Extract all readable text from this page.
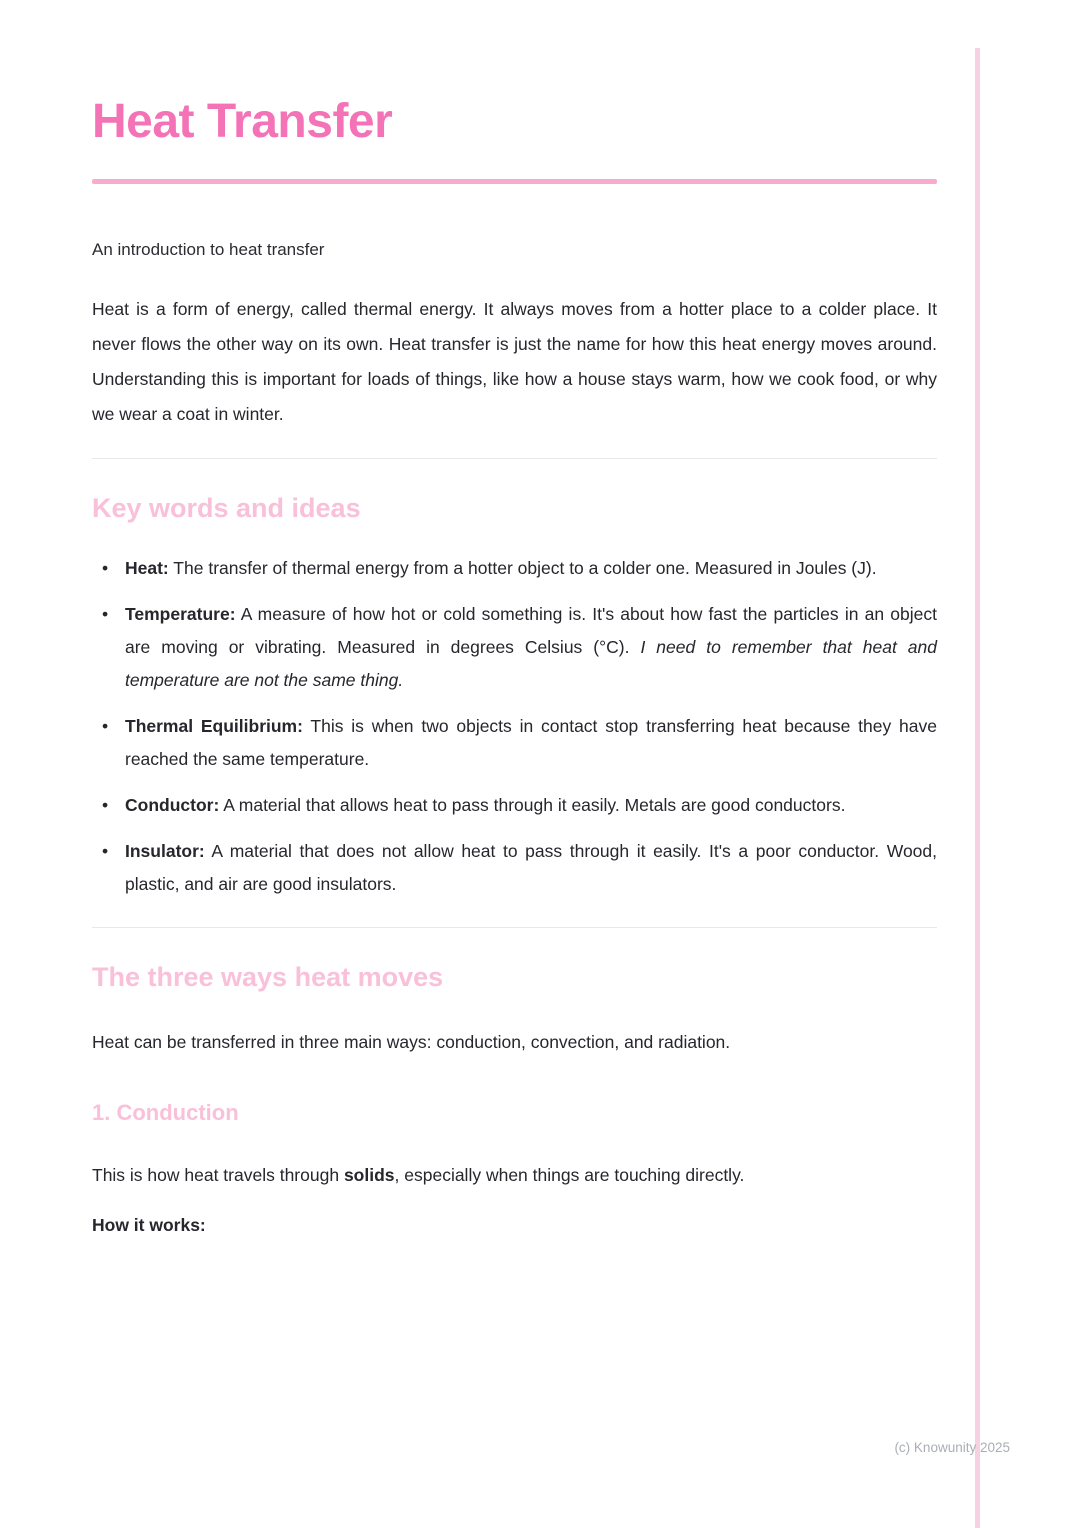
Heat Transfer

An introduction to heat transfer

Heat is a form of energy, called thermal energy. It always moves from a hotter place to a colder place. It never flows the other way on its own. Heat transfer is just the name for how this heat energy moves around. Understanding this is important for loads of things, like how a house stays warm, how we cook food, or why we wear a coat in winter.

Key words and ideas
• Heat: The transfer of thermal energy from a hotter object to a colder one. Measured in Joules (J).
• Temperature: A measure of how hot or cold something is. It's about how fast the particles in an object are moving or vibrating. Measured in degrees Celsius (°C). I need to remember that heat and temperature are not the same thing.
• Thermal Equilibrium: This is when two objects in contact stop transferring heat because they have reached the same temperature.
• Conductor: A material that allows heat to pass through it easily. Metals are good conductors.
• Insulator: A material that does not allow heat to pass through it easily. It's a poor conductor. Wood, plastic, and air are good insulators.
The three ways heat moves

Heat can be transferred in three main ways: conduction, convection, and radiation.

1. Conduction

This is how heat travels through solids, especially when things are touching directly.

How it works:

(c) Knowunity 2025
